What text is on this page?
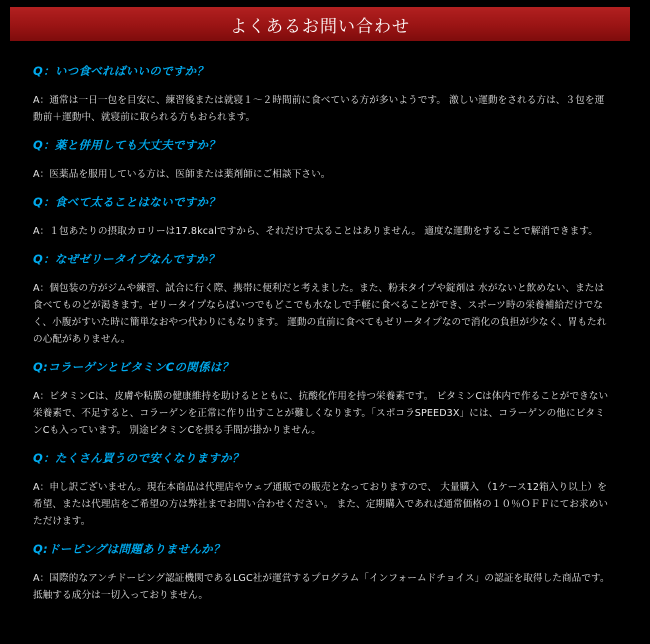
よくあるお問い合わせ
Q：いつ食べればいいのですか？
A：通常は一日一包を目安に、練習後または就寝１～２時間前に食べている方が多いようです。 激しい運動をされる方は、３包を運動前＋運動中、就寝前に取られる方もおられます。
Q：薬と併用しても大丈夫ですか？
A：医薬品を服用している方は、医師または薬剤師にご相談下さい。
Q：食べて太ることはないですか？
A：１包あたりの摂取カロリーは17.8kcalですから、それだけで太ることはありません。 適度な運動をすることで解消できます。
Q：なぜゼリータイプなんですか？
A：個包装の方がジムや練習、試合に行く際、携帯に便利だと考えました。また、粉末タイプや錠剤は 水がないと飲めない、または食べてものどが渇きます。ゼリータイプならばいつでもどこでも水なしで手軽に食べることができ、スポーツ時の栄養補給だけでなく、小腹がすいた時に簡単なおやつ代わりにもなります。 運動の直前に食べてもゼリータイプなので消化の負担が少なく、胃もたれの心配がありません。
Q:コラーゲンとビタミンCの関係は？
A：ビタミンCは、皮膚や粘膜の健康維持を助けるとともに、抗酸化作用を持つ栄養素です。 ビタミンCは体内で作ることができない栄養素で、不足すると、コラーゲンを正常に作り出すことが難しくなります。「スポコラSPEED3X」には、コラーゲンの他にビタミンCも入っています。 別途ビタミンCを摂る手間が掛かりません。
Q：たくさん買うので安くなりますか？
A：申し訳ございません。現在本商品は代理店やウェブ通販での販売となっておりますので、 大量購入 （1ケース12箱入り以上）を希望、または代理店をご希望の方は弊社までお問い合わせください。 また、定期購入であれば通常価格の１０％ＯＦＦにてお求めいただけます。
Q:ドーピングは問題ありませんか？
A：国際的なアンチドーピング認証機関であるLGC社が運営するプログラム「インフォームドチョイス」の認証を取得した商品です。 抵触する成分は一切入っておりません。
